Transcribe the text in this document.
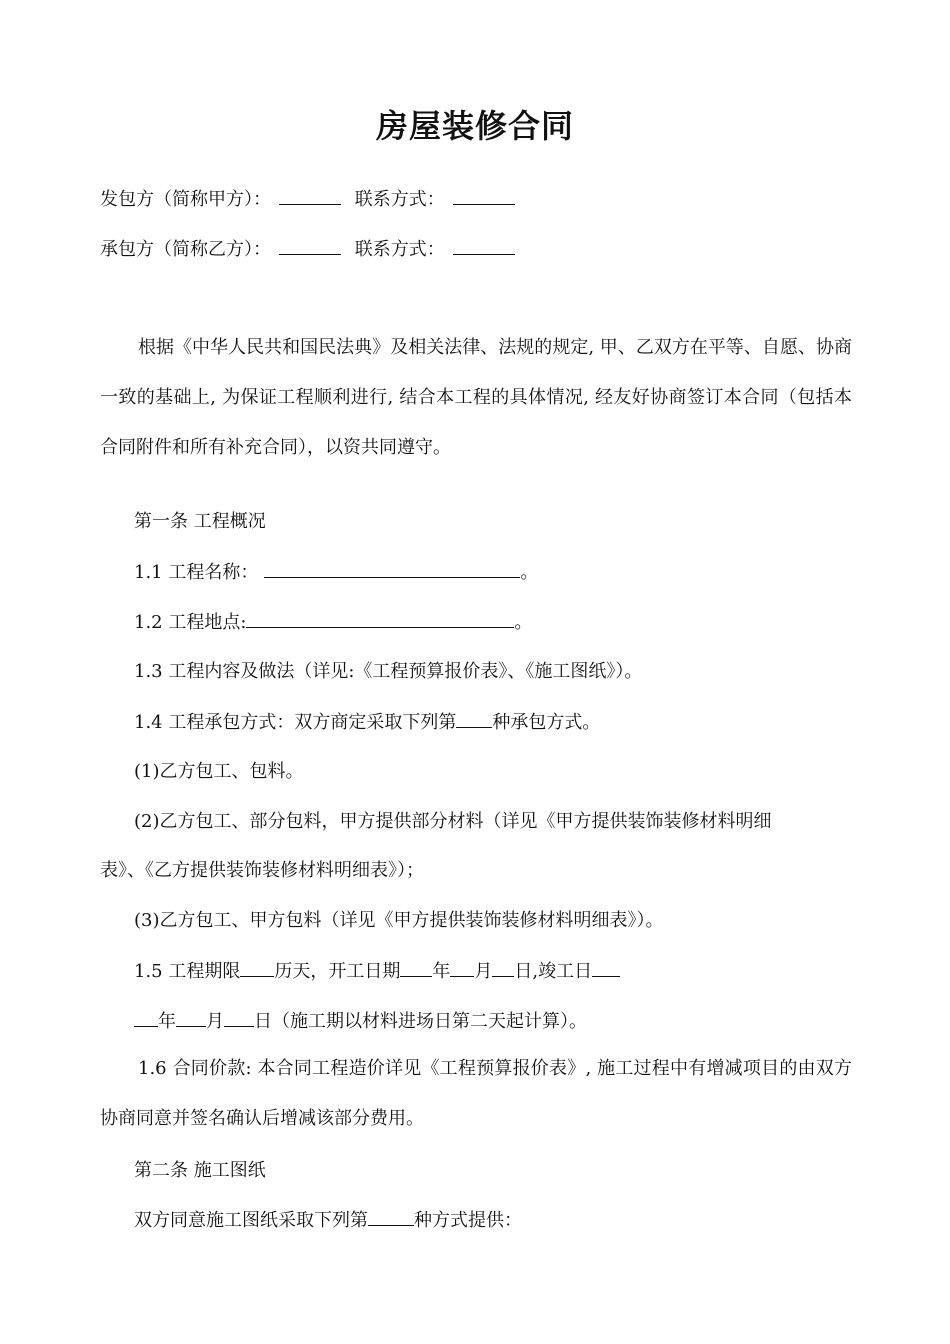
房屋装修合同
发包方（简称甲方）：	联系方式：
承包方（简称乙方）：	联系方式：
根据《中华人民共和国民法典》及相关法律、法规的规定, 甲、乙双方在平等、自愿、协商一致的基础上, 为保证工程顺利进行, 结合本工程的具体情况, 经友好协商签订本合同（包括本合同附件和所有补充合同），以资共同遵守。
第一条 工程概况
1.1 工程名称：	。
1.2 工程地点:	。
1.3 工程内容及做法（详见:《工程预算报价表》、《施工图纸》）。
1.4 工程承包方式：双方商定采取下列第 种承包方式。
(1)乙方包工、包料。
(2)乙方包工、部分包料，甲方提供部分材料（详见《甲方提供装饰装修材料明细
表》、《乙方提供装饰装修材料明细表》）；
(3)乙方包工、甲方包料（详见《甲方提供装饰装修材料明细表》）。
1.5 工程期限 历天，开工日期 年 月 日,竣工日
年 月 日（施工期以材料进场日第二天起计算）。
1.6 合同价款: 本合同工程造价详见《工程预算报价表》, 施工过程中有增减项目的由双方协商同意并签名确认后增减该部分费用。
第二条 施工图纸
双方同意施工图纸采取下列第	种方式提供：
